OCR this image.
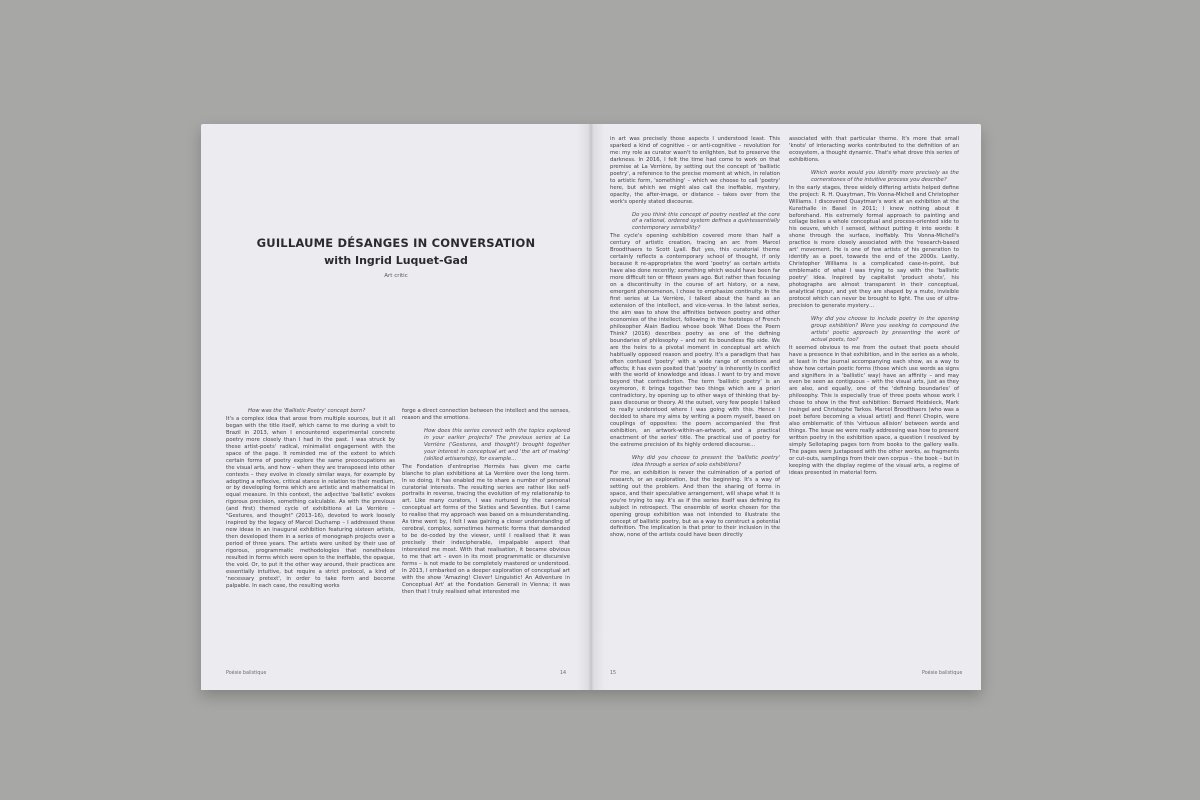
GUILLAUME DÉSANGES IN CONVERSATION
with Ingrid Luquet-Gad
Art critic

How was the 'Ballistic Poetry' concept born?

It's a complex idea that arose from multiple sources, but it all began with the title itself, which came to me during a visit to Brazil in 2013, when I encountered experimental concrete poetry more closely than I had in the past. I was struck by these artist-poets' radical, minimalist engagement with the space of the page. It reminded me of the extent to which certain forms of poetry explore the same preoccupations as the visual arts, and how – when they are transposed into other contexts – they evolve in closely similar ways, for example by adopting a reflexive, critical stance in relation to their medium, or by developing forms which are artistic and mathematical in equal measure. In this context, the adjective 'ballistic' evokes rigorous precision, something calculable. As with the previous (and first) themed cycle of exhibitions at La Verrière – "Gestures, and thought" (2013–16), devoted to work loosely inspired by the legacy of Marcel Duchamp – I addressed these new ideas in an inaugural exhibition featuring sixteen artists, then developed them in a series of monograph projects over a period of three years. The artists were united by their use of rigorous, programmatic methodologies that nonetheless resulted in forms which were open to the ineffable, the opaque, the void. Or, to put it the other way around, their practices are essentially intuitive, but require a strict protocol, a kind of 'necessary pretext', in order to take form and become palpable. In each case, the resulting works

forge a direct connection between the intellect and the senses, reason and the emotions.

How does this series connect with the topics explored in your earlier projects? The previous series at La Verrière ('Gestures, and thought') brought together your interest in conceptual art and 'the art of making' (skilled artisanship), for example…

The Fondation d'entreprise Hermès has given me carte blanche to plan exhibitions at La Verrière over the long term. In so doing, it has enabled me to share a number of personal curatorial interests. The resulting series are rather like self-portraits in reverse, tracing the evolution of my relationship to art. Like many curators, I was nurtured by the canonical conceptual art forms of the Sixties and Seventies. But I came to realise that my approach was based on a misunderstanding. As time went by, I felt I was gaining a closer understanding of cerebral, complex, sometimes hermetic forms that demanded to be de-coded by the viewer, until I realised that it was precisely their indecipherable, impalpable aspect that interested me most. With that realisation, it became obvious to me that art – even in its most programmatic or discursive forms – is not made to be completely mastered or understood. In 2013, I embarked on a deeper exploration of conceptual art with the show 'Amazing! Clever! Linguistic! An Adventure in Conceptual Art' at the Fondation Generali in Vienna; it was then that I truly realised what interested me

Poésie balistique	14

in art was precisely those aspects I understood least. This sparked a kind of cognitive – or anti-cognitive – revolution for me: my role as curator wasn't to enlighten, but to preserve the darkness. In 2016, I felt the time had come to work on that premise at La Verrière, by setting out the concept of 'ballistic poetry', a reference to the precise moment at which, in relation to artistic form, 'something' – which we choose to call 'poetry' here, but which we might also call the ineffable, mystery, opacity, the after-image, or distance – takes over from the work's openly stated discourse.

Do you think this concept of poetry nestled at the core of a rational, ordered system defines a quintessentially contemporary sensibility?

The cycle's opening exhibition covered more than half a century of artistic creation, tracing an arc from Marcel Broodthaers to Scott Lyall. But yes, this curatorial theme certainly reflects a contemporary school of thought, if only because it re-appropriates the word 'poetry' as certain artists have also done recently; something which would have been far more difficult ten or fifteen years ago. But rather than focusing on a discontinuity in the course of art history, or a new, emergent phenomenon, I chose to emphasize continuity. In the first series at La Verrière, I talked about the hand as an extension of the intellect, and vice-versa. In the latest series, the aim was to show the affinities between poetry and other economies of the intellect, following in the footsteps of French philosopher Alain Badiou whose book What Does the Poem Think? (2016) describes poetry as one of the defining boundaries of philosophy – and not its boundless flip side. We are the heirs to a pivotal moment in conceptual art which habitually opposed reason and poetry. It's a paradigm that has often confused 'poetry' with a wide range of emotions and affects; it has even posited that 'poetry' is inherently in conflict with the world of knowledge and ideas. I want to try and move beyond that contradiction. The term 'ballistic poetry' is an oxymoron, it brings together two things which are a priori contradictory, by opening up to other ways of thinking that by-pass discourse or theory. At the outset, very few people I talked to really understood where I was going with this. Hence I decided to share my aims by writing a poem myself, based on couplings of opposites: the poem accompanied the first exhibition, an artwork-within-an-artwork, and a practical enactment of the series' title. The practical use of poetry for the extreme precision of its highly ordered discourse…

Why did you choose to present the 'ballistic poetry' idea through a series of solo exhibitions?

For me, an exhibition is never the culmination of a period of research, or an exploration, but the beginning. It's a way of setting out the problem. And then the sharing of forms in space, and their speculative arrangement, will shape what it is you're trying to say. It's as if the series itself was defining its subject in retrospect. The ensemble of works chosen for the opening group exhibition was not intended to illustrate the concept of ballistic poetry, but as a way to construct a potential definition. The implication is that prior to their inclusion in the show, none of the artists could have been directly

associated with that particular theme. It's more that small 'knots' of interacting works contributed to the definition of an ecosystem, a thought dynamic. That's what drove this series of exhibitions.

Which works would you identify more precisely as the cornerstones of the intuitive process you describe?

In the early stages, three widely differing artists helped define the project: R. H. Quaytman, Tris Vonna-Michell and Christopher Williams. I discovered Quaytman's work at an exhibition at the Kunsthalle in Basel in 2011; I knew nothing about it beforehand. His extremely formal approach to painting and collage belies a whole conceptual and process-oriented side to his oeuvre, which I sensed, without putting it into words: it shone through the surface, ineffably. Tris Vonna-Michell's practice is more closely associated with the 'research-based art' movement. He is one of few artists of his generation to identify as a poet, towards the end of the 2000s. Lastly, Christopher Williams is a complicated case-in-point, but emblematic of what I was trying to say with the 'ballistic poetry' idea. Inspired by capitalist 'product shots', his photographs are almost transparent in their conceptual, analytical rigour, and yet they are shaped by a mute, invisible protocol which can never be brought to light. The use of ultra-precision to generate mystery…

Why did you choose to include poetry in the opening group exhibition? Were you seeking to compound the artists' poetic approach by presenting the work of actual poets, too?

It seemed obvious to me from the outset that poets should have a presence in that exhibition, and in the series as a whole, at least in the journal accompanying each show, as a way to show how certain poetic forms (those which use words as signs and signifiers in a 'ballistic' way) have an affinity – and may even be seen as contiguous – with the visual arts, just as they are also, and equally, one of the 'defining boundaries' of philosophy. This is especially true of three poets whose work I chose to show in the first exhibition: Bernard Heidsieck, Mark Insingel and Christophe Tarkos. Marcel Broodthaers (who was a poet before becoming a visual artist) and Henri Chopin, were also emblematic of this 'virtuous allision' between words and things. The issue we were really addressing was how to present written poetry in the exhibition space, a question I resolved by simply Sellotaping pages torn from books to the gallery walls. The pages were juxtaposed with the other works, as fragments or cut-outs, samplings from their own corpus – the book – but in keeping with the display regime of the visual arts, a regime of ideas presented in material form.

15	Poésie balistique
